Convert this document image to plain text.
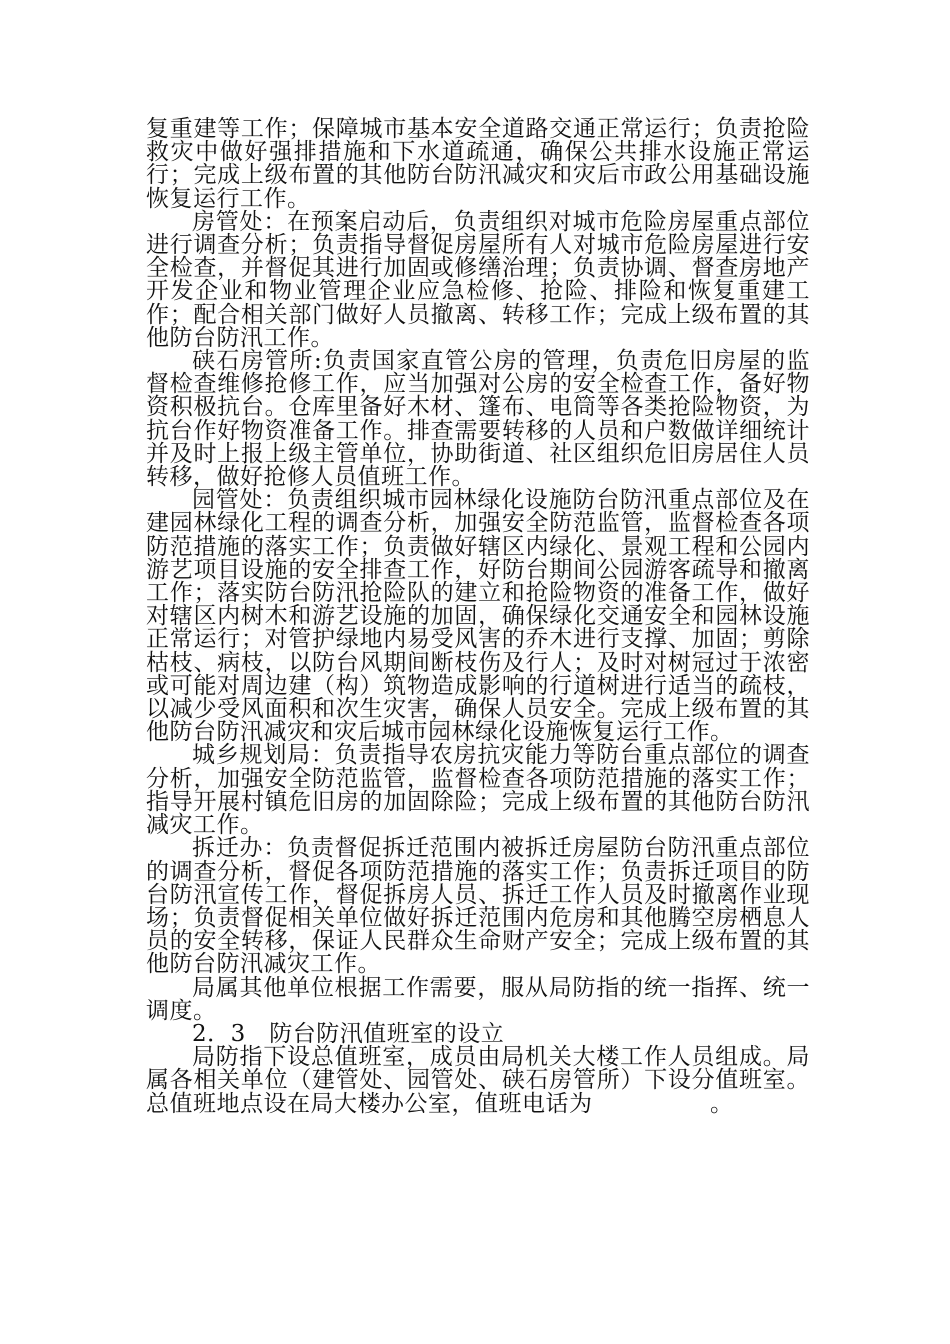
复重建等工作；保障城市基本安全道路交通正常运行；负责抢险救灾中做好强排措施和下水道疏通，确保公共排水设施正常运行；完成上级布置的其他防台防汛减灾和灾后市政公用基础设施恢复运行工作。

房管处：在预案启动后，负责组织对城市危险房屋重点部位进行调查分析；负责指导督促房屋所有人对城市危险房屋进行安全检查，并督促其进行加固或修缮治理；负责协调、督查房地产开发企业和物业管理企业应急检修、抢险、排险和恢复重建工作；配合相关部门做好人员撤离、转移工作；完成上级布置的其他防台防汛工作。

硖石房管所:负责国家直管公房的管理，负责危旧房屋的监督检查维修抢修工作，应当加强对公房的安全检查工作，备好物资积极抗台。仓库里备好木材、篷布、电筒等各类抢险物资，为抗台作好物资准备工作。排查需要转移的人员和户数做详细统计并及时上报上级主管单位，协助街道、社区组织危旧房居住人员转移，做好抢修人员值班工作。

园管处：负责组织城市园林绿化设施防台防汛重点部位及在建园林绿化工程的调查分析，加强安全防范监管，监督检查各项防范措施的落实工作；负责做好辖区内绿化、景观工程和公园内游艺项目设施的安全排查工作，好防台期间公园游客疏导和撤离工作；落实防台防汛抢险队的建立和抢险物资的准备工作，做好对辖区内树木和游艺设施的加固，确保绿化交通安全和园林设施正常运行；对管护绿地内易受风害的乔木进行支撑、加固；剪除枯枝、病枝，以防台风期间断枝伤及行人；及时对树冠过于浓密或可能对周边建（构）筑物造成影响的行道树进行适当的疏枝，以减少受风面积和次生灾害，确保人员安全。完成上级布置的其他防台防汛减灾和灾后城市园林绿化设施恢复运行工作。

城乡规划局：负责指导农房抗灾能力等防台重点部位的调查分析，加强安全防范监管，监督检查各项防范措施的落实工作；指导开展村镇危旧房的加固除险；完成上级布置的其他防台防汛减灾工作。

拆迁办：负责督促拆迁范围内被拆迁房屋防台防汛重点部位的调查分析，督促各项防范措施的落实工作；负责拆迁项目的防台防汛宣传工作，督促拆房人员、拆迁工作人员及时撤离作业现场；负责督促相关单位做好拆迁范围内危房和其他腾空房栖息人员的安全转移，保证人民群众生命财产安全；完成上级布置的其他防台防汛减灾工作。

局属其他单位根据工作需要，服从局防指的统一指挥、统一调度。

2．3　防台防汛值班室的设立

局防指下设总值班室，成员由局机关大楼工作人员组成。局属各相关单位（建管处、园管处、硖石房管所）下设分值班室。总值班地点设在局大楼办公室，值班电话为　　　　　。
